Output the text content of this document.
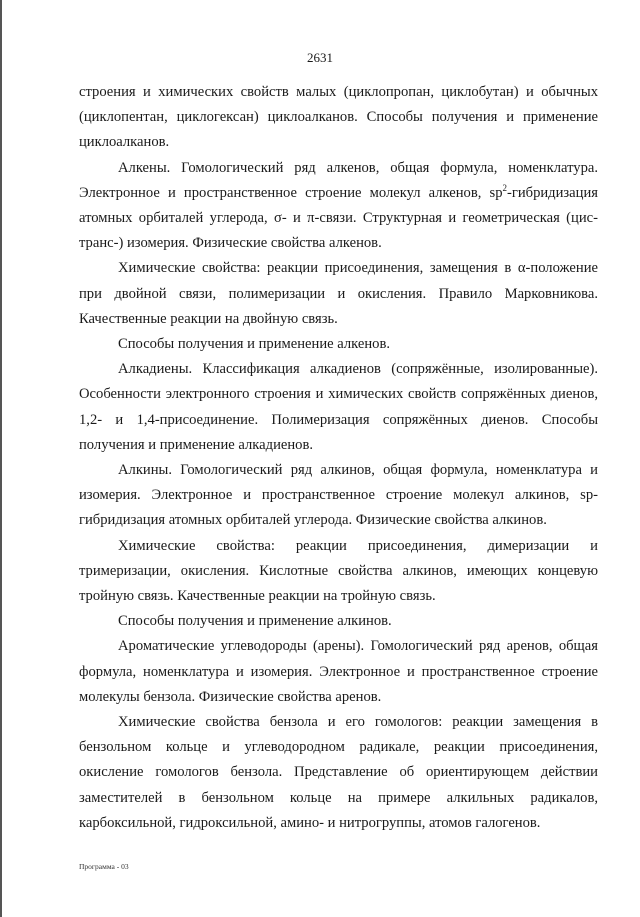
2631

строения и химических свойств малых (циклопропан, циклобутан) и обычных (циклопентан, циклогексан) циклоалканов. Способы получения и применение циклоалканов.

Алкены. Гомологический ряд алкенов, общая формула, номенклатура. Электронное и пространственное строение молекул алкенов, $sp^2$-гибридизация атомных орбиталей углерода, σ- и π-связи. Структурная и геометрическая (цис-транс-) изомерия. Физические свойства алкенов.

Химические свойства: реакции присоединения, замещения в α-положение при двойной связи, полимеризации и окисления. Правило Марковникова. Качественные реакции на двойную связь.

Способы получения и применение алкенов.

Алкадиены. Классификация алкадиенов (сопряжённые, изолированные). Особенности электронного строения и химических свойств сопряжённых диенов, 1,2- и 1,4-присоединение. Полимеризация сопряжённых диенов. Способы получения и применение алкадиенов.

Алкины. Гомологический ряд алкинов, общая формула, номенклатура и изомерия. Электронное и пространственное строение молекул алкинов, sp-гибридизация атомных орбиталей углерода. Физические свойства алкинов.

Химические свойства: реакции присоединения, димеризации и тримеризации, окисления. Кислотные свойства алкинов, имеющих концевую тройную связь. Качественные реакции на тройную связь.

Способы получения и применение алкинов.

Ароматические углеводороды (арены). Гомологический ряд аренов, общая формула, номенклатура и изомерия. Электронное и пространственное строение молекулы бензола. Физические свойства аренов.

Химические свойства бензола и его гомологов: реакции замещения в бензольном кольце и углеводородном радикале, реакции присоединения, окисление гомологов бензола. Представление об ориентирующем действии заместителей в бензольном кольце на примере алкильных радикалов, карбоксильной, гидроксильной, амино- и нитрогруппы, атомов галогенов.

Программа - 03
